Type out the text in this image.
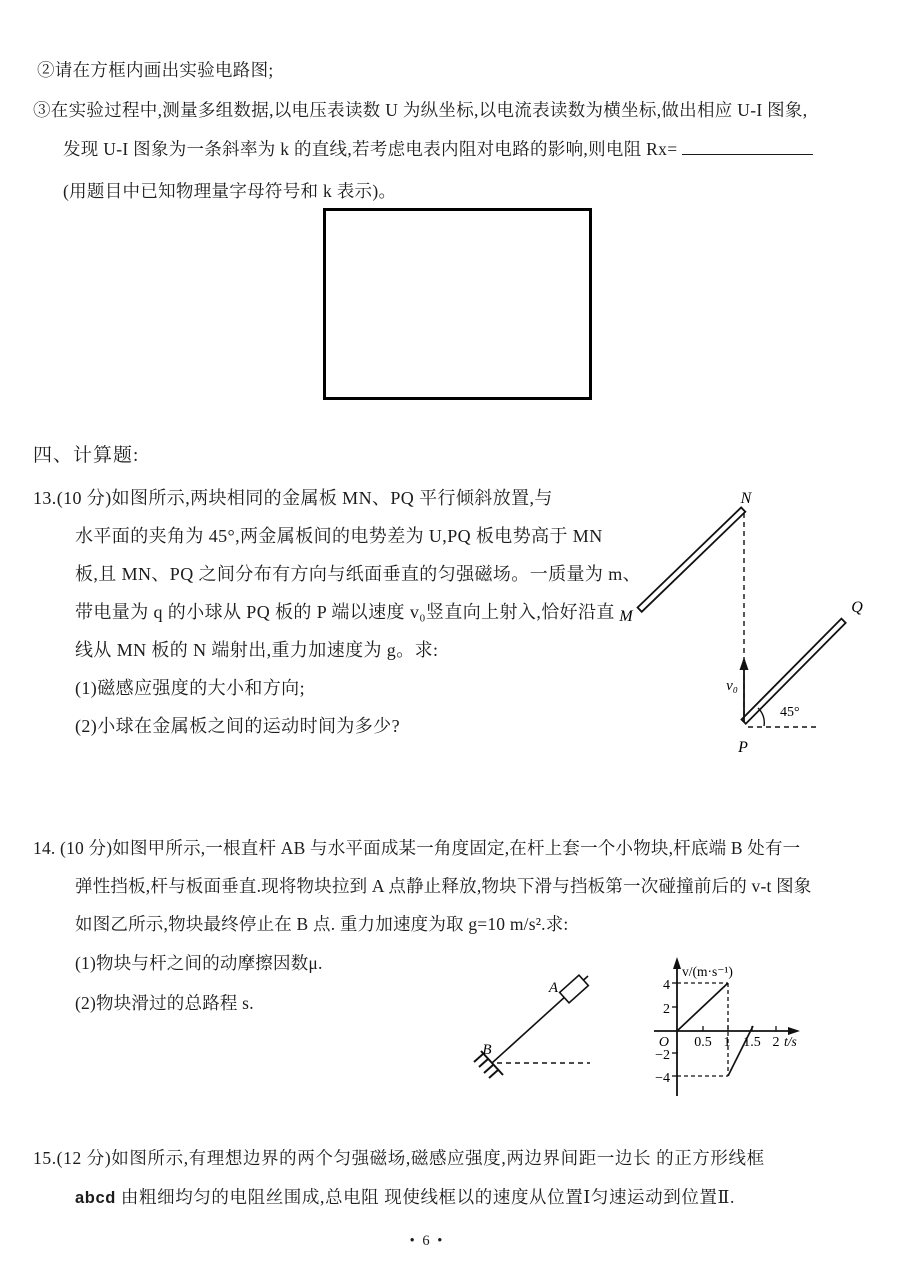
②请在方框内画出实验电路图;
③在实验过程中,测量多组数据,以电压表读数 U 为纵坐标,以电流表读数为横坐标,做出相应 U-I 图象,
发现 U-I 图象为一条斜率为 k 的直线,若考虑电表内阻对电路的影响,则电阻 Rx=
(用题目中已知物理量字母符号和 k 表示)。
四、计算题:
13.(10 分)如图所示,两块相同的金属板 MN、PQ 平行倾斜放置,与
水平面的夹角为 45°,两金属板间的电势差为 U,PQ 板电势高于 MN
板,且 MN、PQ 之间分布有方向与纸面垂直的匀强磁场。一质量为 m、
带电量为 q 的小球从 PQ 板的 P 端以速度 v₀竖直向上射入,恰好沿直
线从 MN 板的 N 端射出,重力加速度为 g。求:
(1)磁感应强度的大小和方向;
(2)小球在金属板之间的运动时间为多少?
N
M
Q
P
v₀
45°
14. (10 分)如图甲所示,一根直杆 AB 与水平面成某一角度固定,在杆上套一个小物块,杆底端 B 处有一
弹性挡板,杆与板面垂直.现将物块拉到 A 点静止释放,物块下滑与挡板第一次碰撞前后的 v-t 图象
如图乙所示,物块最终停止在 B 点. 重力加速度为取 g=10 m/s².求:
(1)物块与杆之间的动摩擦因数μ.
(2)物块滑过的总路程 s.
A
B
v/(m·s⁻¹)
4
2
−2
−4
O 0.5 1 1.5 2 t/s
15.(12 分)如图所示,有理想边界的两个匀强磁场,磁感应强度,两边界间距一边长 的正方形线框
abcd 由粗细均匀的电阻丝围成,总电阻 现使线框以的速度从位置Ⅰ匀速运动到位置Ⅱ.
• 6 •
